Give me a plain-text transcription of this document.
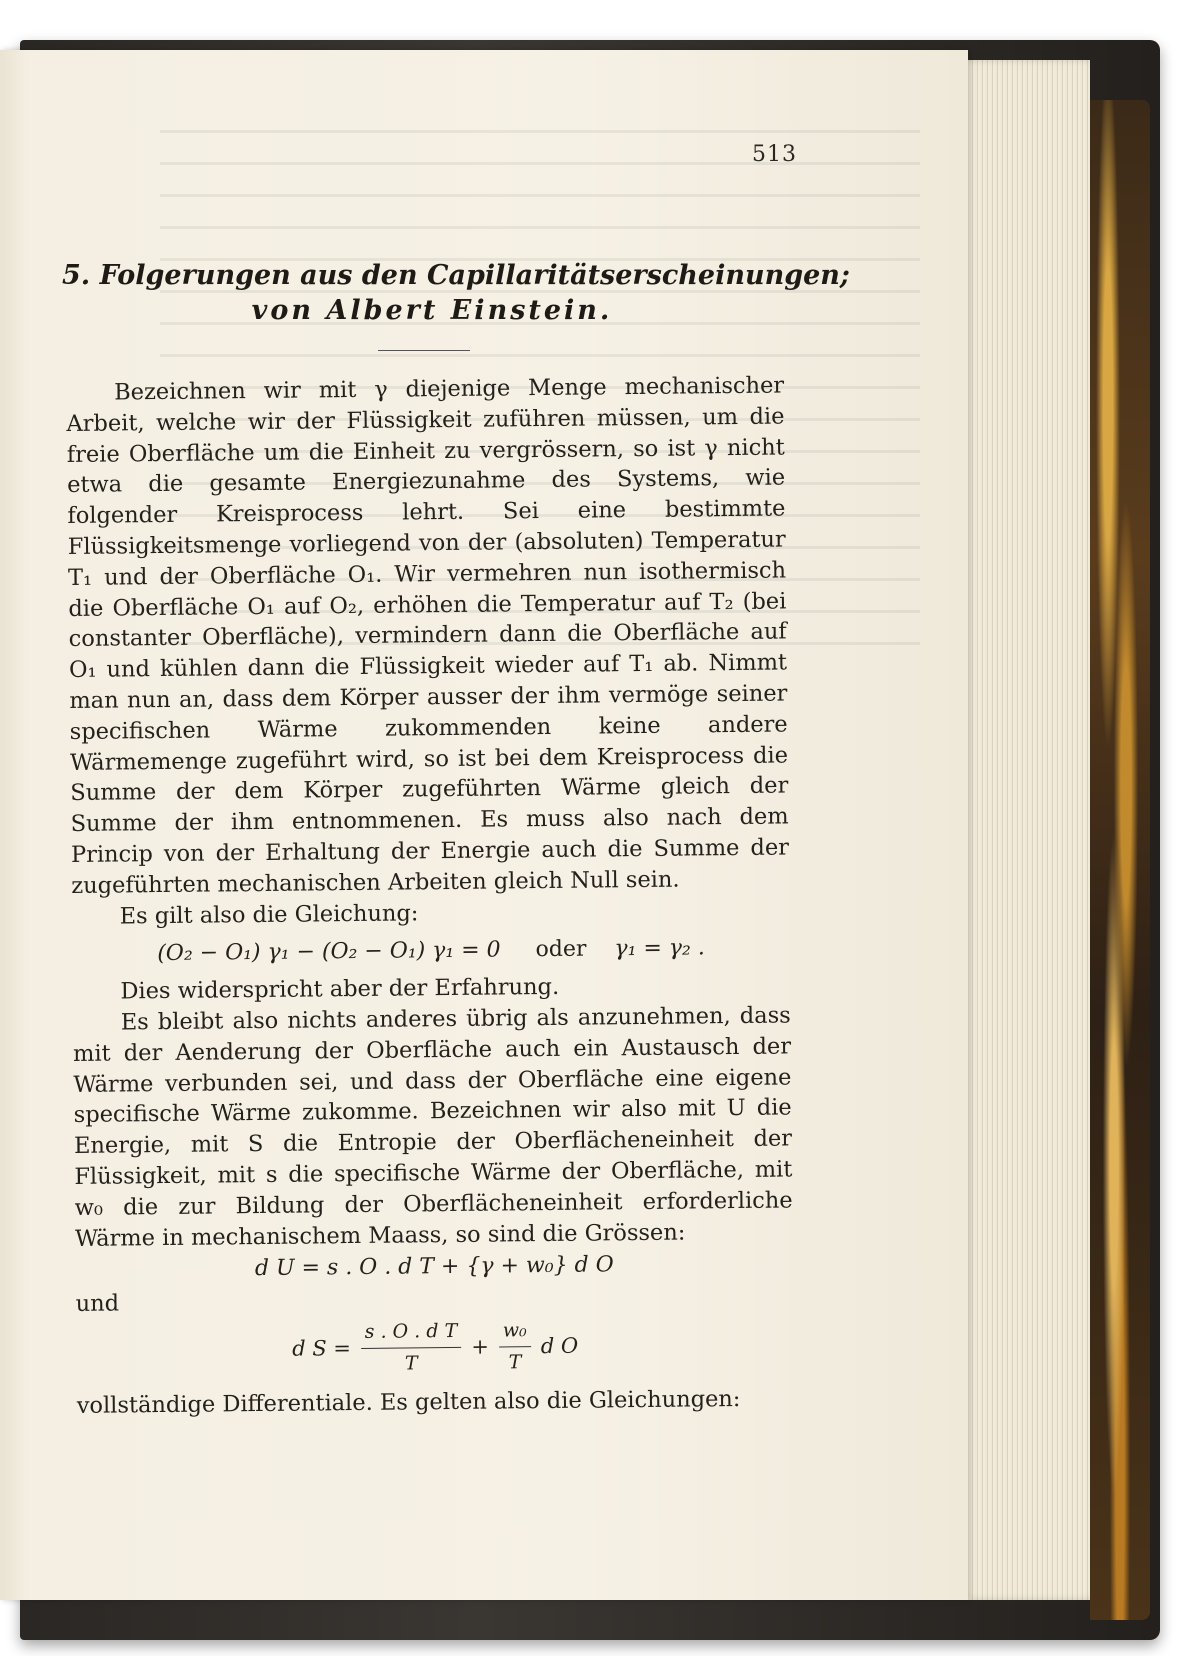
513
5. Folgerungen aus den Capillaritätserscheinungen;
von Albert Einstein.

Bezeichnen wir mit γ diejenige Menge mechanischer Arbeit, welche wir der Flüssigkeit zuführen müssen, um die freie Oberfläche um die Einheit zu vergrössern, so ist γ nicht etwa die gesamte Energiezunahme des Systems, wie folgender Kreisprocess lehrt. Sei eine bestimmte Flüssigkeitsmenge vorliegend von der (absoluten) Temperatur T₁ und der Oberfläche O₁. Wir vermehren nun isothermisch die Oberfläche O₁ auf O₂, erhöhen die Temperatur auf T₂ (bei constanter Oberfläche), vermindern dann die Oberfläche auf O₁ und kühlen dann die Flüssigkeit wieder auf T₁ ab. Nimmt man nun an, dass dem Körper ausser der ihm vermöge seiner specifischen Wärme zukommenden keine andere Wärmemenge zugeführt wird, so ist bei dem Kreisprocess die Summe der dem Körper zugeführten Wärme gleich der Summe der ihm entnommenen. Es muss also nach dem Princip von der Erhaltung der Energie auch die Summe der zugeführten mechanischen Arbeiten gleich Null sein.

Es gilt also die Gleichung:

(O₂ − O₁) γ₁ − (O₂ − O₁) γ₁ = 0 oder γ₁ = γ₂ .

Dies widerspricht aber der Erfahrung.

Es bleibt also nichts anderes übrig als anzunehmen, dass mit der Aenderung der Oberfläche auch ein Austausch der Wärme verbunden sei, und dass der Oberfläche eine eigene specifische Wärme zukomme. Bezeichnen wir also mit U die Energie, mit S die Entropie der Oberflächeneinheit der Flüssigkeit, mit s die specifische Wärme der Oberfläche, mit w₀ die zur Bildung der Oberflächeneinheit erforderliche Wärme in mechanischem Maass, so sind die Grössen:

d U = s . O . d T + {γ + w₀} d O

und

d $S = \frac{\text{s . O . d T}}{T} + \frac{\text{w₀}}{T}$ d O

vollständige Differentiale. Es gelten also die Gleichungen:
